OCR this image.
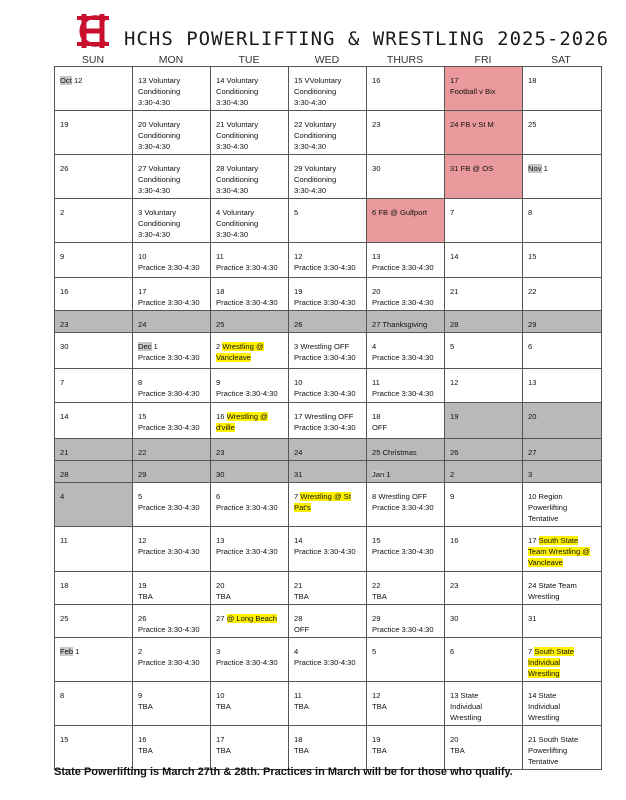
HCHS POWERLIFTING & WRESTLING 2025-2026
SUN	MON	TUE	WED	THURS	FRI	SAT
Oct 12	13 Voluntary
Conditioning
3:30-4:30	14 Voluntary
Conditioning
3:30-4:30	15 VVoluntary
Conditioning
3:30-4:30	16	17
Football v Bix	18

19	20 Voluntary
Conditioning
3:30-4:30	21 Voluntary
Conditioning
3:30-4:30	22 Voluntary
Conditioning
3:30-4:30	23	24 FB v St M	25

26	27 Voluntary
Conditioning
3:30-4:30	28 Voluntary
Conditioning
3:30-4:30	29 Voluntary
Conditioning
3:30-4:30	30	31 FB @ OS	Nov 1

2	3 Voluntary
Conditioning
3:30-4:30	4 Voluntary
Conditioning
3:30-4:30	5	6 FB @ Gulfport	7	8

9	10
Practice 3:30-4:30	11
Practice 3:30-4:30	12
Practice 3:30-4:30	13
Practice 3:30-4:30	14	15

16	17
Practice 3:30-4:30	18
Practice 3:30-4:30	19
Practice 3:30-4:30	20
Practice 3:30-4:30	21	22

23	24	25	26	27 Thanksgiving	28	29

30	Dec 1
Practice 3:30-4:30	2 Wrestling @
Vancleave	3 Wrestling OFF
Practice 3:30-4:30	4
Practice 3:30-4:30	5	6

7	8
Practice 3:30-4:30	9
Practice 3:30-4:30	10
Practice 3:30-4:30	11
Practice 3:30-4:30	12	13

14	15
Practice 3:30-4:30	16 Wrestling @
d'ville	17 Wrestling OFF
Practice 3:30-4:30	18
OFF	19	20

21	22	23	24	25 Christmas	26	27

28	29	30	31	Jan 1	2	3

4	5
Practice 3:30-4:30	6
Practice 3:30-4:30	7 Wrestling @ St
Pat's	8 Wrestling OFF
Practice 3:30-4:30	9	10 Region
Powerlifting
Tentative

11	12
Practice 3:30-4:30	13
Practice 3:30-4:30	14
Practice 3:30-4:30	15
Practice 3:30-4:30	16	17 South State
Team Wrestling @
Vancleave

18	19
TBA	20
TBA	21
TBA	22
TBA	23	24 State Team
Wrestling

25	26
Practice 3:30-4:30	27 @ Long Beach	28
OFF	29
Practice 3:30-4:30	30	31

Feb 1	2
Practice 3:30-4:30	3
Practice 3:30-4:30	4
Practice 3:30-4:30	5	6	7 South State
Individual
Wrestling

8	9
TBA	10
TBA	11
TBA	12
TBA	13 State
Individual
Wrestling	14 State
Individual
Wrestling

15	16
TBA	17
TBA	18
TBA	19
TBA	20
TBA	21 South State
Powerlifting
Tentative
State Powerlifting is March 27th & 28th. Practices in March will be for those who qualify.
